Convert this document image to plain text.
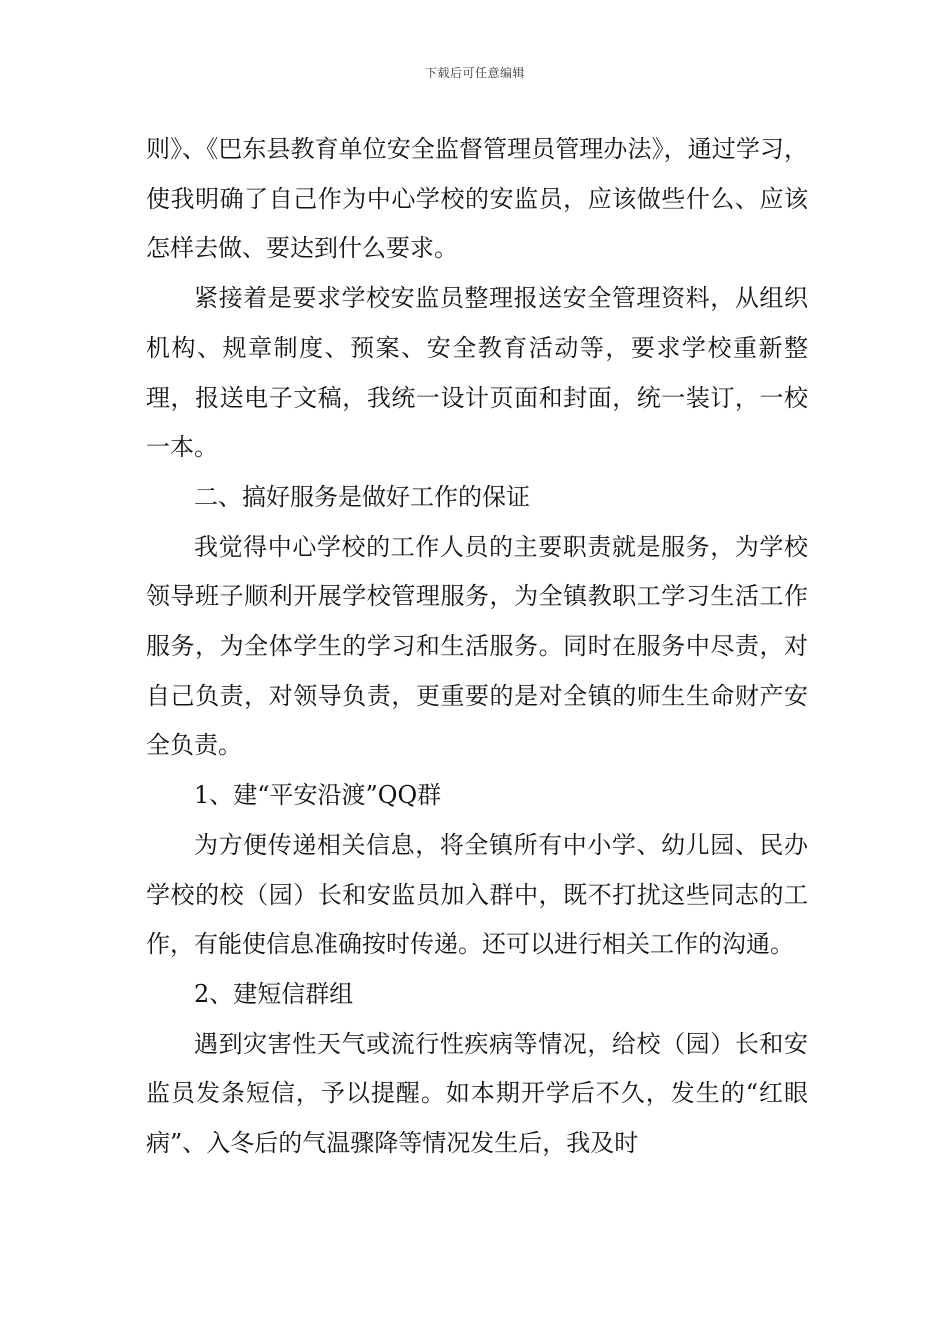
下载后可任意编辑

则》、《巴东县教育单位安全监督管理员管理办法》，通过学习，使我明确了自己作为中心学校的安监员，应该做些什么、应该怎样去做、要达到什么要求。

紧接着是要求学校安监员整理报送安全管理资料，从组织机构、规章制度、预案、安全教育活动等，要求学校重新整理，报送电子文稿，我统一设计页面和封面，统一装订，一校一本。

二、搞好服务是做好工作的保证

我觉得中心学校的工作人员的主要职责就是服务，为学校领导班子顺利开展学校管理服务，为全镇教职工学习生活工作服务，为全体学生的学习和生活服务。同时在服务中尽责，对自己负责，对领导负责，更重要的是对全镇的师生生命财产安全负责。

1、建“平安沿渡”QQ群

为方便传递相关信息，将全镇所有中小学、幼儿园、民办学校的校（园）长和安监员加入群中，既不打扰这些同志的工作，有能使信息准确按时传递。还可以进行相关工作的沟通。

2、建短信群组

遇到灾害性天气或流行性疾病等情况，给校（园）长和安监员发条短信，予以提醒。如本期开学后不久，发生的“红眼病”、入冬后的气温骤降等情况发生后，我及时
